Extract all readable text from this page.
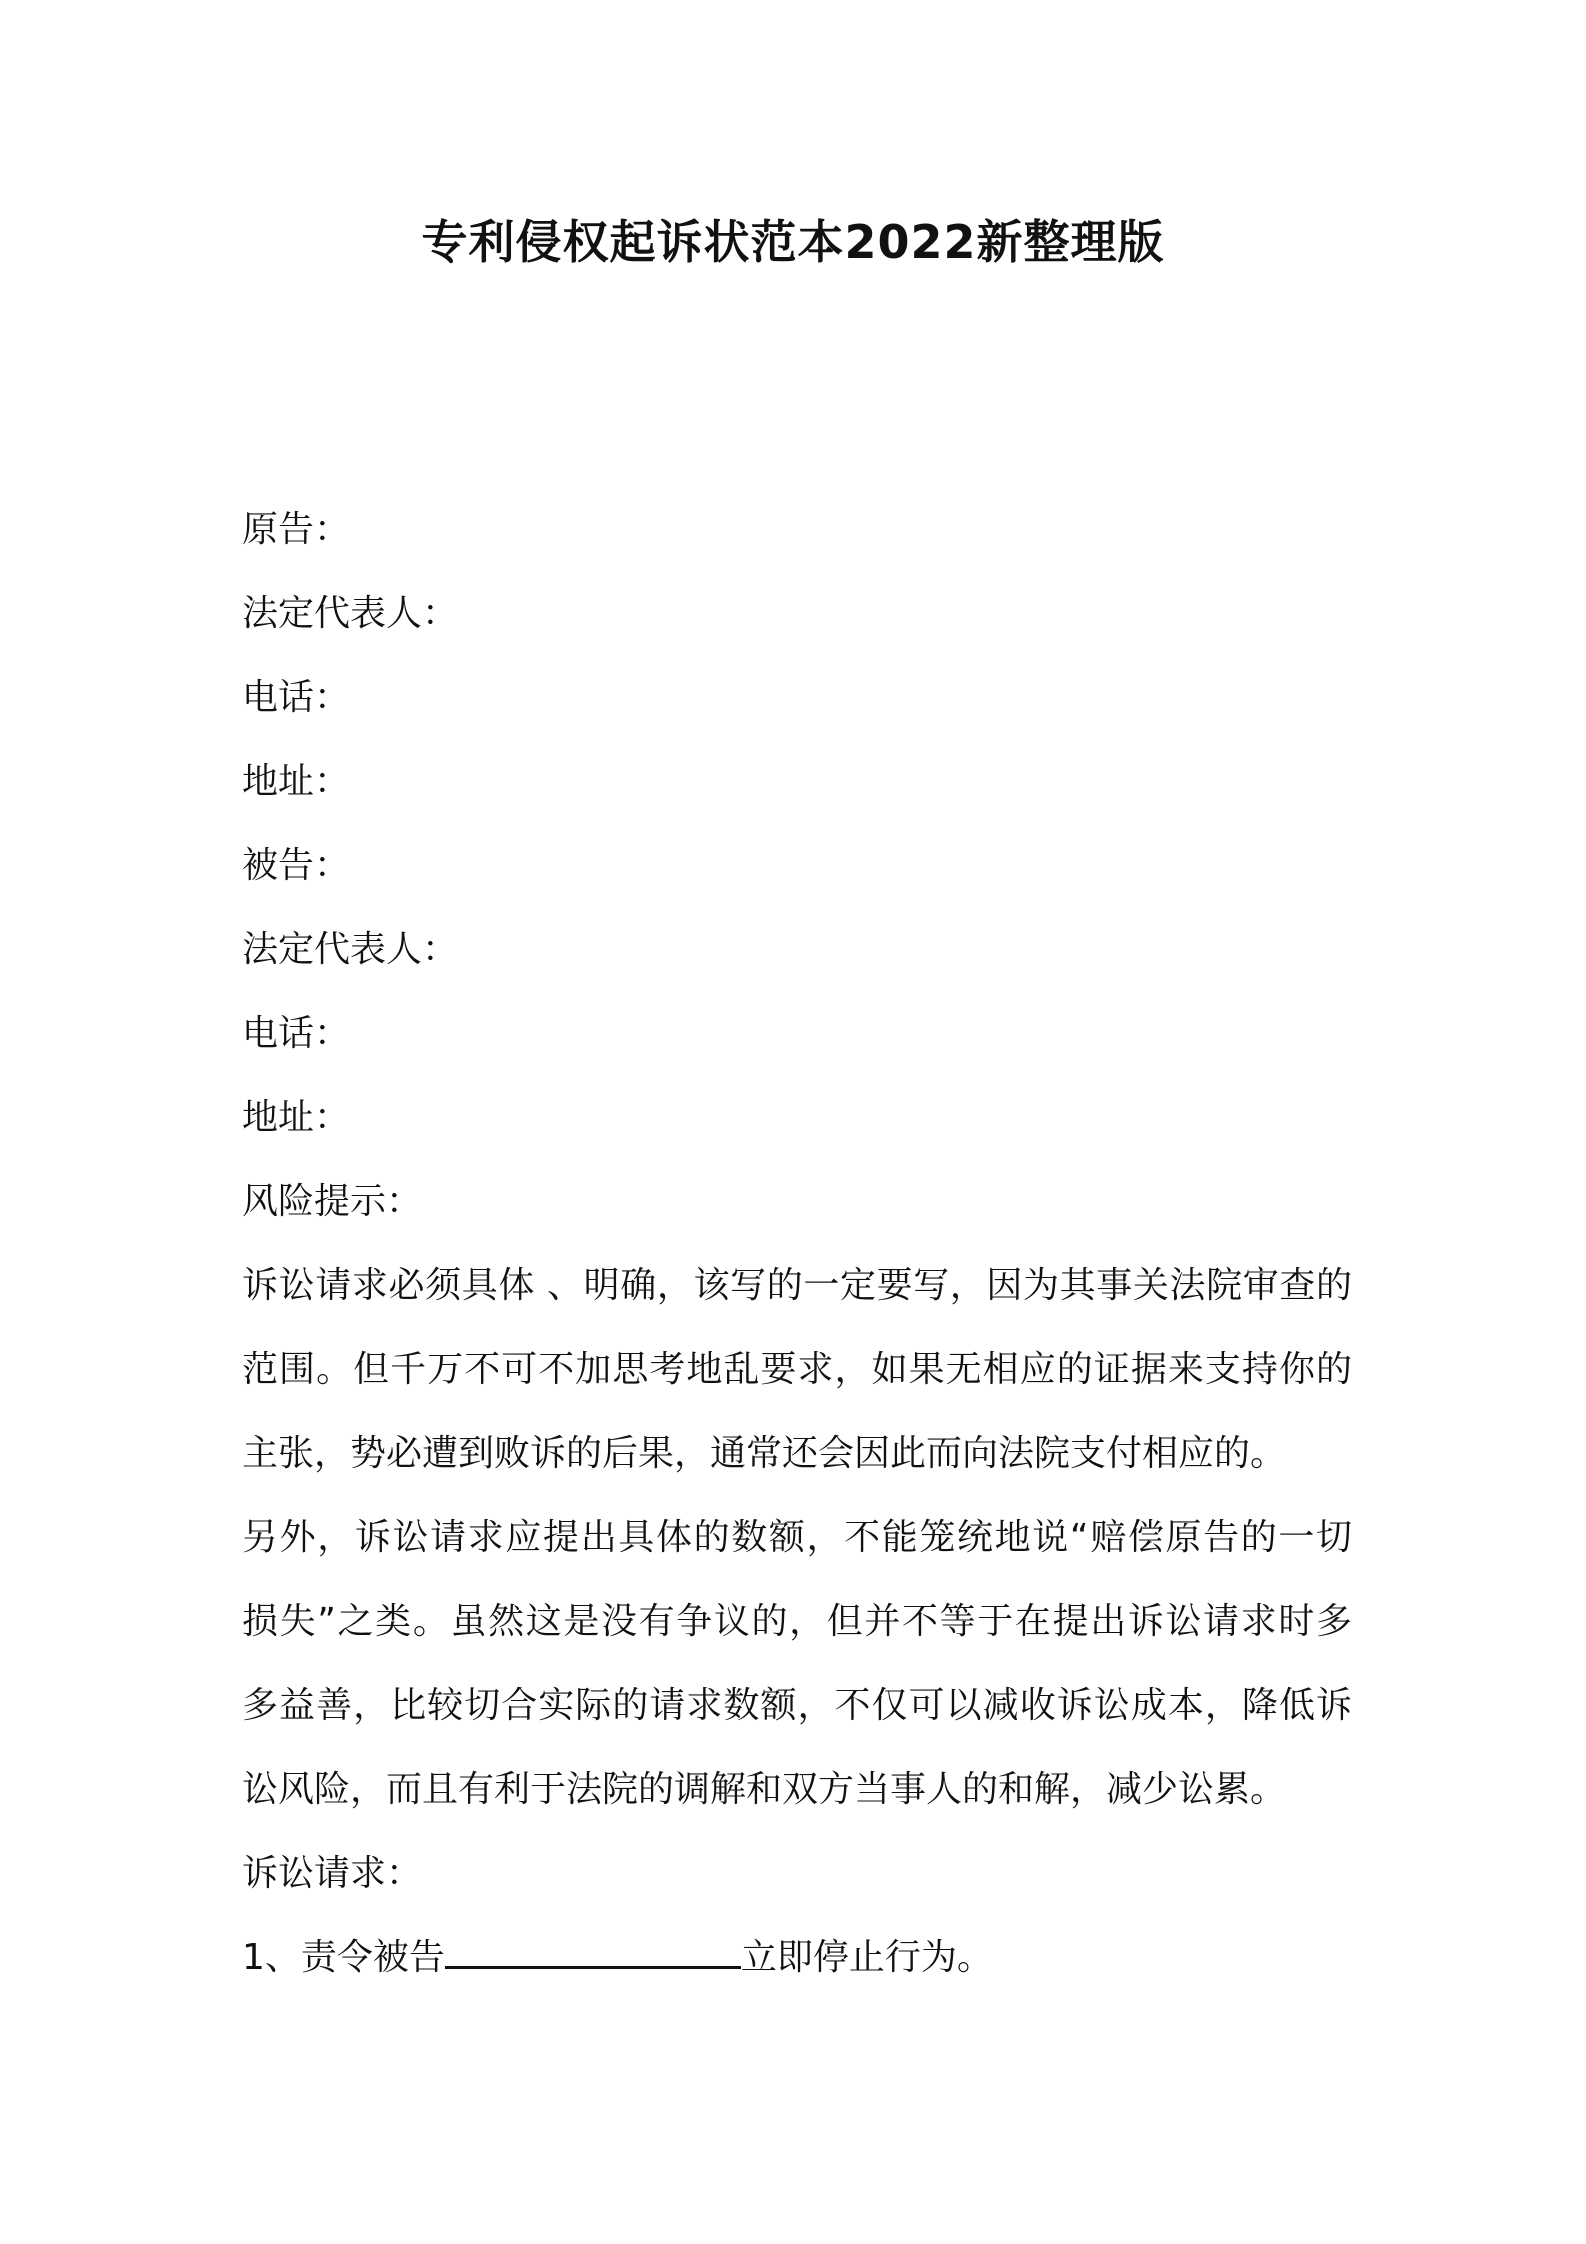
专利侵权起诉状范本2022新整理版
原告：
法定代表人：
电话：
地址：
被告：
法定代表人：
电话：
地址：
风险提示：
诉讼请求必须具体 、明确，该写的一定要写，因为其事关法院审查的
范围。但千万不可不加思考地乱要求，如果无相应的证据来支持你的
主张，势必遭到败诉的后果，通常还会因此而向法院支付相应的。
另外，诉讼请求应提出具体的数额，不能笼统地说“赔偿原告的一切
损失”之类。虽然这是没有争议的，但并不等于在提出诉讼请求时多
多益善，比较切合实际的请求数额，不仅可以减收诉讼成本，降低诉
讼风险，而且有利于法院的调解和双方当事人的和解，减少讼累。
诉讼请求：
1、责令被告	立即停止行为。
